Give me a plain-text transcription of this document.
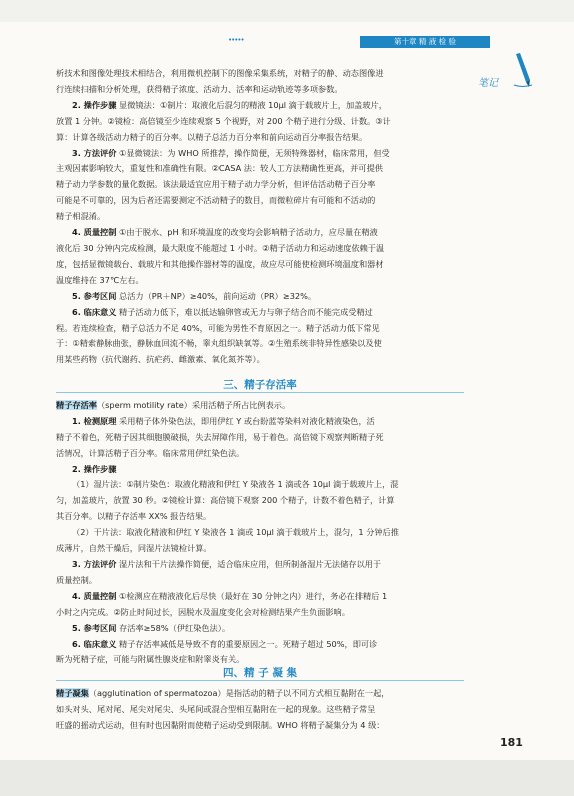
•••••	第十章 精 液 检 验
笔记

析技术和图像处理技术相结合，利用微机控制下的图像采集系统，对精子的静、动态图像进

行连续扫描和分析处理，获得精子浓度、活动力、活率和运动轨迹等多项参数。

2. 操作步骤 显微镜法：①制片：取液化后混匀的精液 10μl 滴于载玻片上，加盖玻片，

放置 1 分钟。②镜检：高倍镜至少连续观察 5 个视野，对 200 个精子进行分级、计数。③计

算：计算各级活动力精子的百分率。以精子总活力百分率和前向运动百分率报告结果。

3. 方法评价 ①显微镜法：为 WHO 所推荐，操作简便，无须特殊器材，临床常用，但受

主观因素影响较大，重复性和准确性有限。②CASA 法：较人工方法精确性更高，并可提供

精子动力学参数的量化数据。该法最适宜应用于精子动力学分析，但评估活动精子百分率

可能是不可靠的，因为后者还需要测定不活动精子的数目，而微粒碎片有可能和不活动的

精子相混淆。

4. 质量控制 ①由于脱水、pH 和环境温度的改变均会影响精子活动力，应尽量在精液

液化后 30 分钟内完成检测，最大限度不能超过 1 小时。②精子活动力和运动速度依赖于温

度，包括显微镜载台、载玻片和其他操作器材等的温度，故应尽可能使检测环境温度和器材

温度维持在 37℃左右。

5. 参考区间 总活力（PR＋NP）≥40%，前向运动（PR）≥32%。

6. 临床意义 精子活动力低下，难以抵达输卵管或无力与卵子结合而不能完成受精过

程。若连续检查，精子总活力不足 40%，可能为男性不育原因之一。精子活动力低下常见

于：①精索静脉曲张，静脉血回流不畅，睾丸组织缺氧等。②生殖系统非特异性感染以及使

用某些药物（抗代谢药、抗疟药、雌激素、氧化氮芥等）。

三、精子存活率

精子存活率（sperm motility rate）采用活精子所占比例表示。

1. 检测原理 采用精子体外染色法，即用伊红 Y 或台盼蓝等染料对液化精液染色，活

精子不着色，死精子因其细胞膜破损，失去屏障作用，易于着色。高倍镜下观察判断精子死

活情况，计算活精子百分率。临床常用伊红染色法。

2. 操作步骤

（1）湿片法：①制片染色：取液化精液和伊红 Y 染液各 1 滴或各 10μl 滴于载玻片上，混

匀，加盖玻片，放置 30 秒。②镜检计算：高倍镜下观察 200 个精子，计数不着色精子，计算

其百分率。以精子存活率 XX% 报告结果。

（2）干片法：取液化精液和伊红 Y 染液各 1 滴或 10μl 滴于载玻片上，混匀，1 分钟后推

成薄片，自然干燥后，同湿片法镜检计算。

3. 方法评价 湿片法和干片法操作简便，适合临床应用，但所制备湿片无法储存以用于

质量控制。

4. 质量控制 ①检测应在精液液化后尽快（最好在 30 分钟之内）进行，务必在排精后 1

小时之内完成。②防止时间过长，因脱水及温度变化会对检测结果产生负面影响。

5. 参考区间 存活率≥58%（伊红染色法）。

6. 临床意义 精子存活率减低是导致不育的重要原因之一。死精子超过 50%，即可诊

断为死精子症，可能与附属性腺炎症和附睾炎有关。

四、精 子 凝 集

精子凝集（agglutination of spermatozoa）是指活动的精子以不同方式相互黏附在一起，

如头对头、尾对尾、尾尖对尾尖、头尾间或混合型相互黏附在一起的现象。这些精子常呈

旺盛的摇动式运动，但有时也因黏附而使精子运动受到限制。WHO 将精子凝集分为 4 级：

181
